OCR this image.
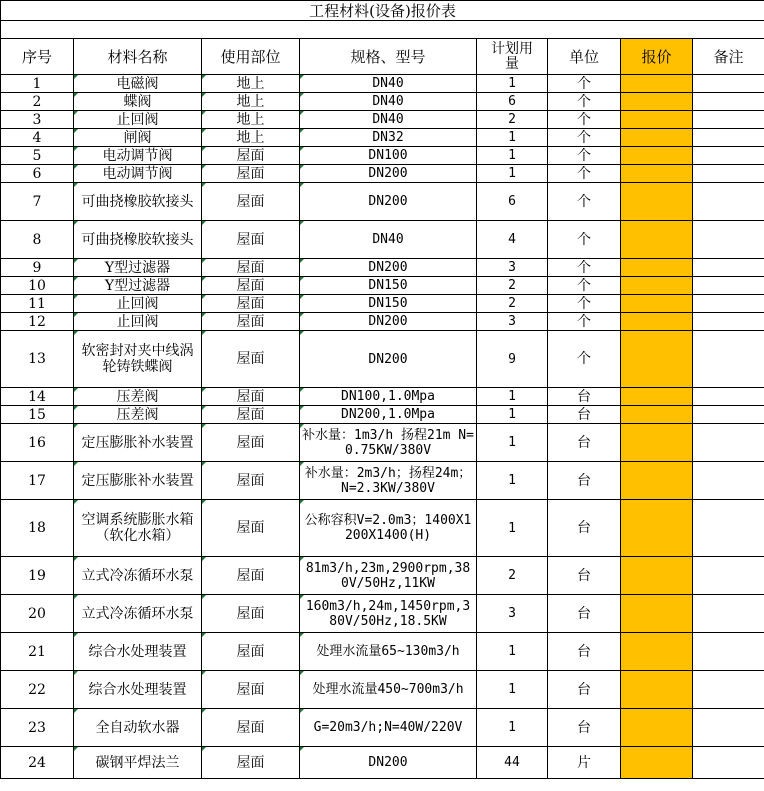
工程材料(设备)报价表
序号	材料名称	使用部位	规格、型号	计划用量	单位	报价	备注

1	电磁阀	地上	DN40	1	个		

2	蝶阀	地上	DN40	6	个		

3	止回阀	地上	DN40	2	个		

4	闸阀	地上	DN32	1	个		

5	电动调节阀	屋面	DN100	1	个		

6	电动调节阀	屋面	DN200	1	个		

7	可曲挠橡胶软接头	屋面	DN200	6	个		

8	可曲挠橡胶软接头	屋面	DN40	4	个		

9	Y型过滤器	屋面	DN200	3	个		

10	Y型过滤器	屋面	DN150	2	个		

11	止回阀	屋面	DN150	2	个		

12	止回阀	屋面	DN200	3	个		

13	软密封对夹中线涡轮铸铁蝶阀	屋面	DN200	9	个		

14	压差阀	屋面	DN100,1.0Mpa	1	台		

15	压差阀	屋面	DN200,1.0Mpa	1	台		

16	定压膨胀补水装置	屋面	补水量：1m3/h 扬程21m N=0.75KW/380V	1	台		

17	定压膨胀补水装置	屋面	补水量：2m3/h；扬程24m；N=2.3KW/380V	1	台		

18	空调系统膨胀水箱（软化水箱）	屋面	公称容积V=2.0m3；1400X1200X1400(H)	1	台		

19	立式冷冻循环水泵	屋面	81m3/h,23m,2900rpm,380V/50Hz,11KW	2	台		

20	立式冷冻循环水泵	屋面	160m3/h,24m,1450rpm,380V/50Hz,18.5KW	3	台		

21	综合水处理装置	屋面	处理水流量65~130m3/h	1	台		

22	综合水处理装置	屋面	处理水流量450~700m3/h	1	台		

23	全自动软水器	屋面	G=20m3/h;N=40W/220V	1	台		

24	碳钢平焊法兰	屋面	DN200	44	片		
